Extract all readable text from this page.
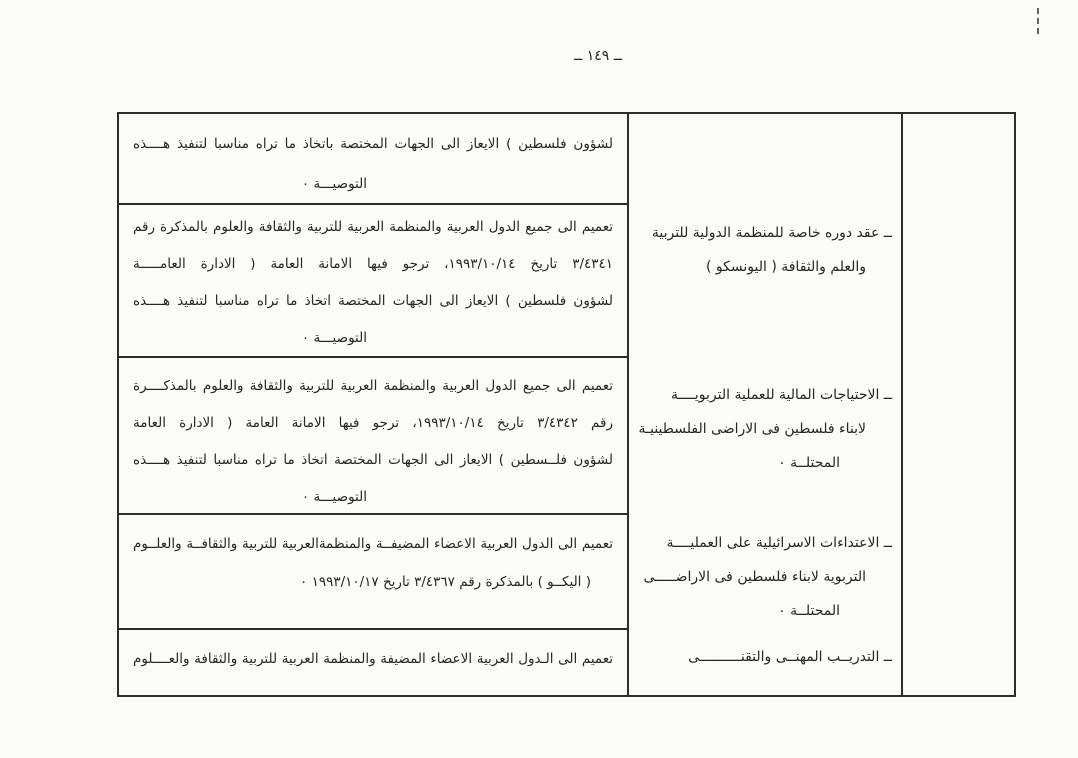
ــ ١٤٩ ــ
لشؤون فلسطين ) الايعاز الى الجهات المختصة باتخاذ ما تراه مناسبا لتنفيذ هــــذه
التوصيـــة ٠
تعميم الى جميع الدول العربية والمنظمة العربية للتربية والثقافة والعلوم بالمذكرة رقم
٣/٤٣٤١ تاريخ ١٩٩٣/١٠/١٤، ترجو فيها الامانة العامة ( الادارة العامـــــة
لشؤون فلسطين ) الايعاز الى الجهات المختصة اتخاذ ما تراه مناسبا لتنفيذ هــــذه
التوصيـــة ٠
ــ عقد دوره خاصة للمنظمة الدولية للتربية
والعلم والثقافة ( اليونسكو )
تعميم الى جميع الدول العربية والمنظمة العربية للتربية والثقافة والعلوم بالمذكــــرة
رقم ٣/٤٣٤٢ تاريخ ١٩٩٣/١٠/١٤، ترجو فيها الامانة العامة ( الادارة العامة
لشؤون فلــسطين ) الايعاز الى الجهات المختصة اتخاذ ما تراه مناسبا لتنفيذ هــــذه
التوصيـــة ٠
ــ الاحتياجات المالية للعملية التربويــــة
لابناء فلسطين فى الاراضى الفلسطينيـة
المحتلــة ٠
تعميم الى الدول العربية الاعضاء المضيفــة والمنظمةالعربية للتربية والثقافــة والعلــوم
( اليكــو ) بالمذكرة رقم ٣/٤٣٦٧ تاريخ ١٩٩٣/١٠/١٧ ٠
ــ الاعتداءات الاسرائيلية على العمليــــة
التربوية لابناء فلسطين فى الاراضـــــى
المحتلــة ٠
تعميم الى الـدول العربية الاعضاء المضيفة والمنظمة العربية للتربية والثقافة والعــــلوم	ــ التدريــب المهنــى والتقنــــــــــى
